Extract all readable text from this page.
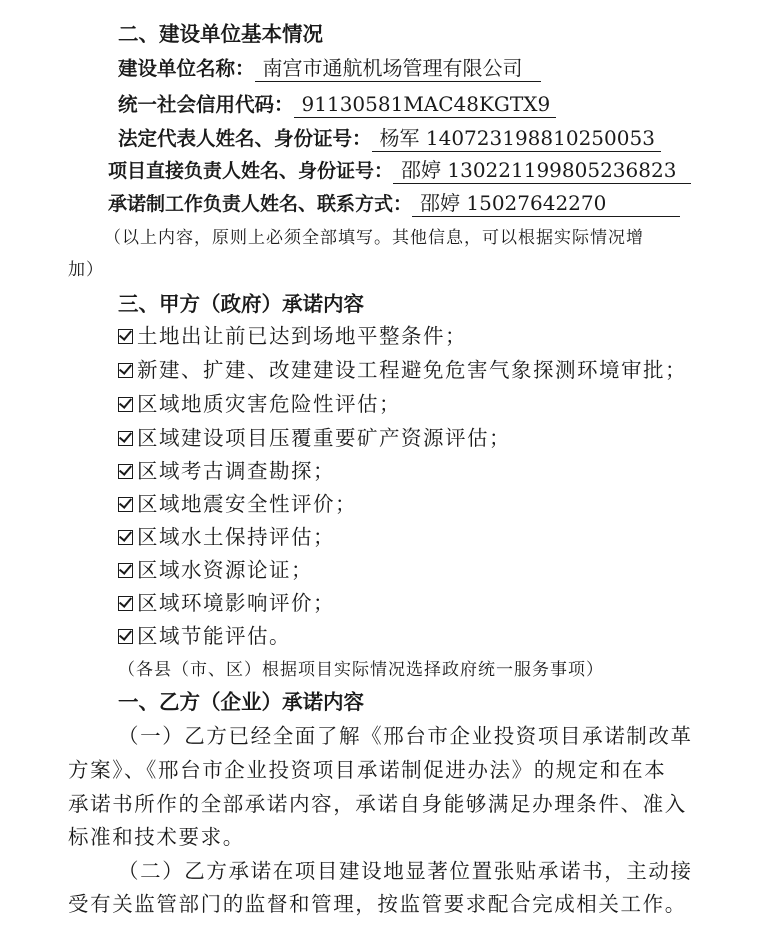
二、建设单位基本情况
建设单位名称： 南宫市通航机场管理有限公司
统一社会信用代码： 91130581MAC48KGTX9
法定代表人姓名、身份证号： 杨军 140723198810250053
项目直接负责人姓名、身份证号： 邵婷 130221199805236823
承诺制工作负责人姓名、联系方式： 邵婷 15027642270
（以上内容，原则上必须全部填写。其他信息，可以根据实际情况增
加）
三、甲方（政府）承诺内容
土地出让前已达到场地平整条件；
新建、扩建、改建建设工程避免危害气象探测环境审批；
区域地质灾害危险性评估；
区域建设项目压覆重要矿产资源评估；
区域考古调查勘探；
区域地震安全性评价；
区域水土保持评估；
区域水资源论证；
区域环境影响评价；
区域节能评估。
（各县（市、区）根据项目实际情况选择政府统一服务事项）
一、乙方（企业）承诺内容
（一）乙方已经全面了解《邢台市企业投资项目承诺制改革
方案》、《邢台市企业投资项目承诺制促进办法》的规定和在本
承诺书所作的全部承诺内容，承诺自身能够满足办理条件、准入
标准和技术要求。
（二）乙方承诺在项目建设地显著位置张贴承诺书，主动接
受有关监管部门的监督和管理，按监管要求配合完成相关工作。
